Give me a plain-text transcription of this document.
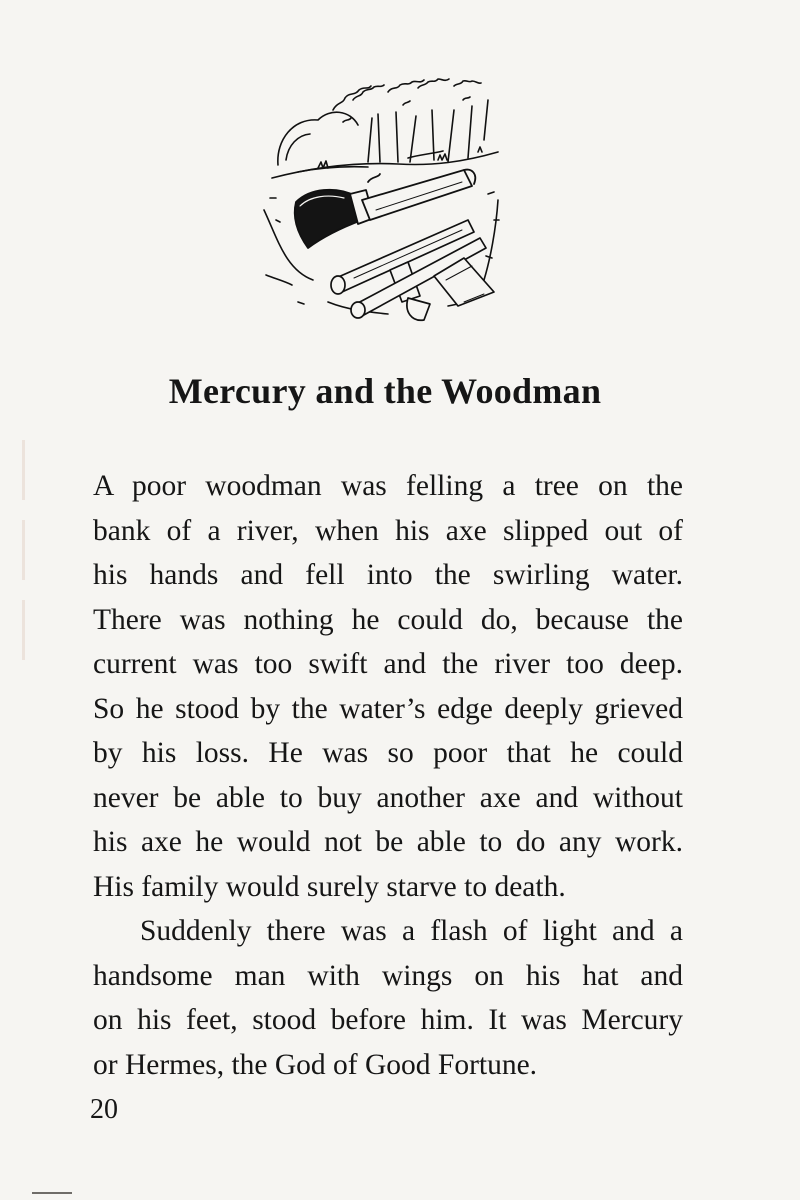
Mercury and the Woodman

A poor woodman was felling a tree on the
bank of a river, when his axe slipped out of
his hands and fell into the swirling water.
There was nothing he could do, because the
current was too swift and the river too deep.
So he stood by the water’s edge deeply grieved
by his loss. He was so poor that he could
never be able to buy another axe and without
his axe he would not be able to do any work.
His family would surely starve to death.

Suddenly there was a flash of light and a
handsome man with wings on his hat and
on his feet, stood before him. It was Mercury
or Hermes, the God of Good Fortune.

20
